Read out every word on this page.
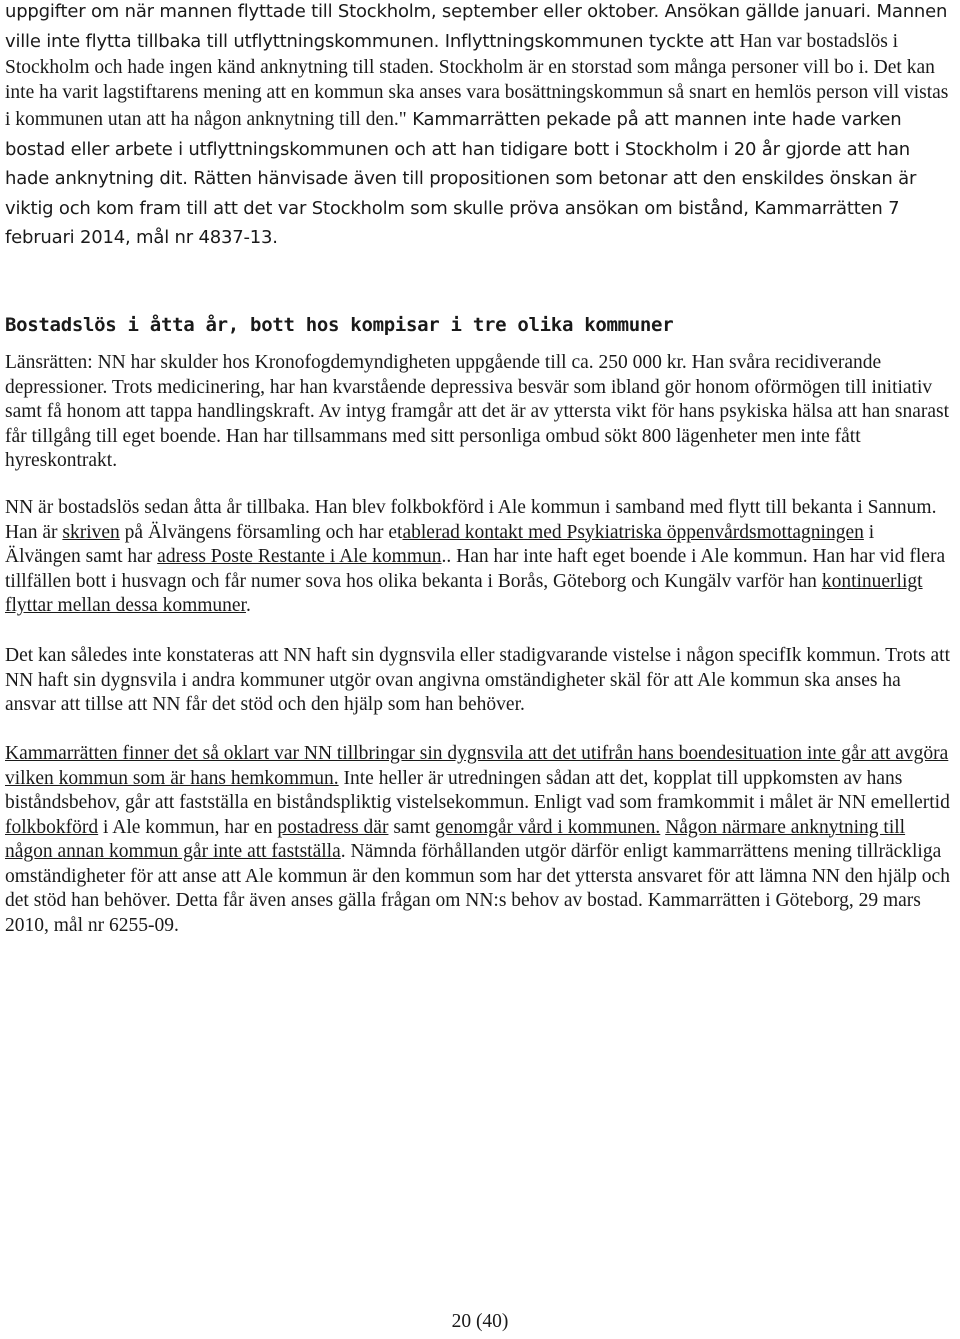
uppgifter om när mannen flyttade till Stockholm, september eller oktober. Ansökan gällde januari. Mannen ville inte flytta tillbaka till utflyttningskommunen. Inflyttningskommunen tyckte att Han var bostadslös i Stockholm och hade ingen känd anknytning till staden. Stockholm är en storstad som många personer vill bo i. Det kan inte ha varit lagstiftarens mening att en kommun ska anses vara bosättningskommun så snart en hemlös person vill vistas i kommunen utan att ha någon anknytning till den." Kammarrätten pekade på att mannen inte hade varken bostad eller arbete i utflyttningskommunen och att han tidigare bott i Stockholm i 20 år gjorde att han hade anknytning dit. Rätten hänvisade även till propositionen som betonar att den enskildes önskan är viktig och kom fram till att det var Stockholm som skulle pröva ansökan om bistånd, Kammarrätten 7 februari 2014, mål nr 4837-13.

Bostadslös i åtta år, bott hos kompisar i tre olika kommuner

Länsrätten: NN har skulder hos Kronofogdemyndigheten uppgående till ca. 250 000 kr. Han svåra recidiverande depressioner. Trots medicinering, har han kvarstående depressiva besvär som ibland gör honom oförmögen till initiativ samt få honom att tappa handlingskraft. Av intyg framgår att det är av yttersta vikt för hans psykiska hälsa att han snarast får tillgång till eget boende. Han har tillsammans med sitt personliga ombud sökt 800 lägenheter men inte fått hyreskontrakt.

NN är bostadslös sedan åtta år tillbaka. Han blev folkbokförd i Ale kommun i samband med flytt till bekanta i Sannum. Han är skriven på Älvängens församling och har etablerad kontakt med Psykiatriska öppenvårdsmottagningen i Älvängen samt har adress Poste Restante i Ale kommun.. Han har inte haft eget boende i Ale kommun. Han har vid flera tillfällen bott i husvagn och får numer sova hos olika bekanta i Borås, Göteborg och Kungälv varför han kontinuerligt flyttar mellan dessa kommuner.

Det kan således inte konstateras att NN haft sin dygnsvila eller stadigvarande vistelse i någon specifIk kommun. Trots att NN haft sin dygnsvila i andra kommuner utgör ovan angivna omständigheter skäl för att Ale kommun ska anses ha ansvar att tillse att NN får det stöd och den hjälp som han behöver.

Kammarrätten finner det så oklart var NN tillbringar sin dygnsvila att det utifrån hans boendesituation inte går att avgöra vilken kommun som är hans hemkommun. Inte heller är utredningen sådan att det, kopplat till uppkomsten av hans biståndsbehov, går att fastställa en biståndspliktig vistelsekommun. Enligt vad som framkommit i målet är NN emellertid folkbokförd i Ale kommun, har en postadress där samt genomgår vård i kommunen. Någon närmare anknytning till någon annan kommun går inte att fastställa. Nämnda förhållanden utgör därför enligt kammarrättens mening tillräckliga omständigheter för att anse att Ale kommun är den kommun som har det yttersta ansvaret för att lämna NN den hjälp och det stöd han behöver. Detta får även anses gälla frågan om NN:s behov av bostad. Kammarrätten i Göteborg, 29 mars 2010, mål nr 6255-09.

20 (40)
